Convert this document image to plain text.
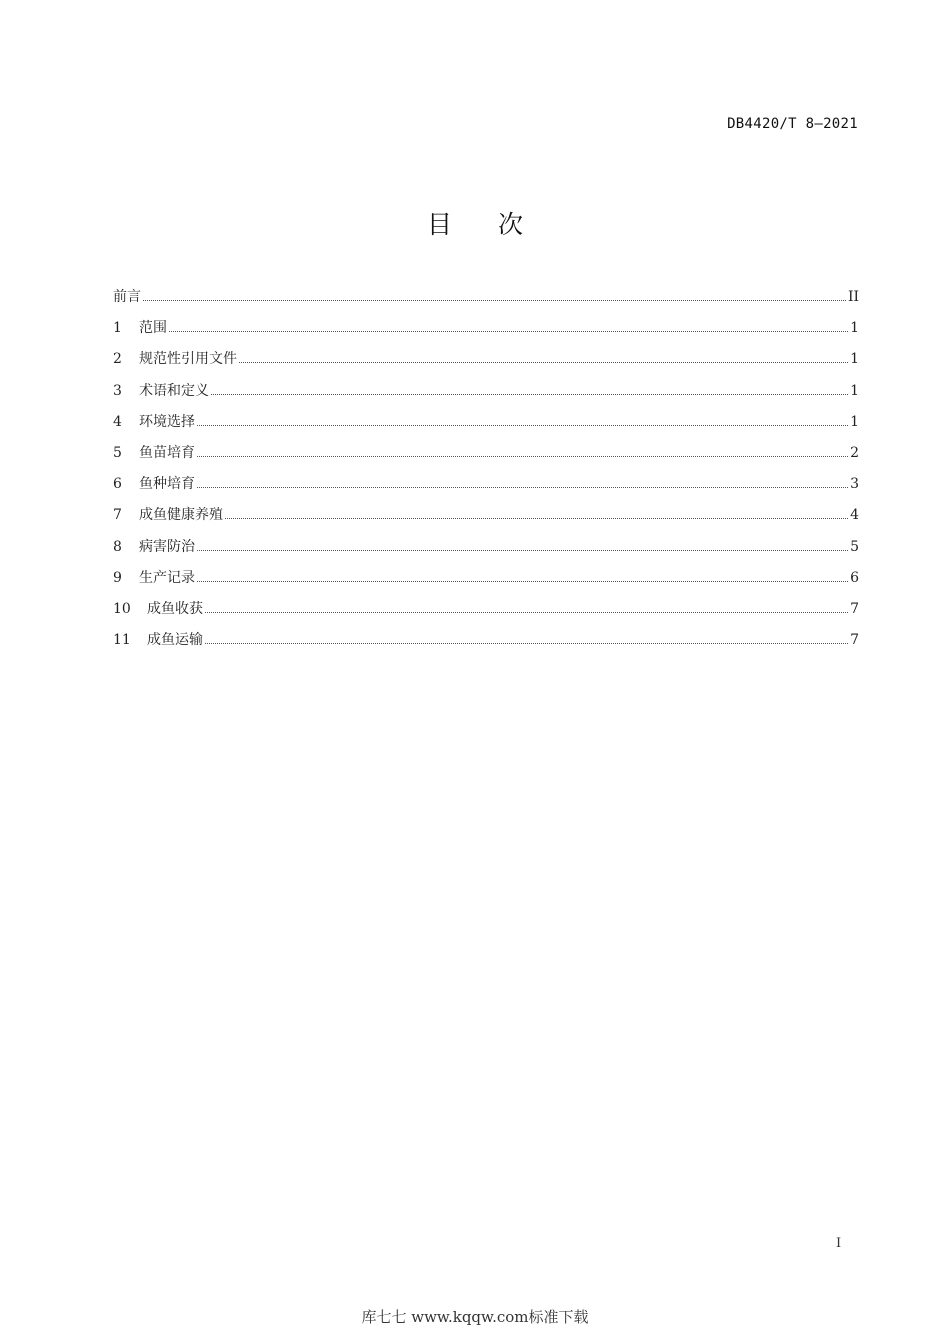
DB4420/T 8—2021
目次
前言	II
1	范围	1
2	规范性引用文件	1
3	术语和定义	1
4	环境选择	1
5	鱼苗培育	2
6	鱼种培育	3
7	成鱼健康养殖	4
8	病害防治	5
9	生产记录	6
10	成鱼收获	7
11	成鱼运输	7
I
库七七 www.kqqw.com标准下载
